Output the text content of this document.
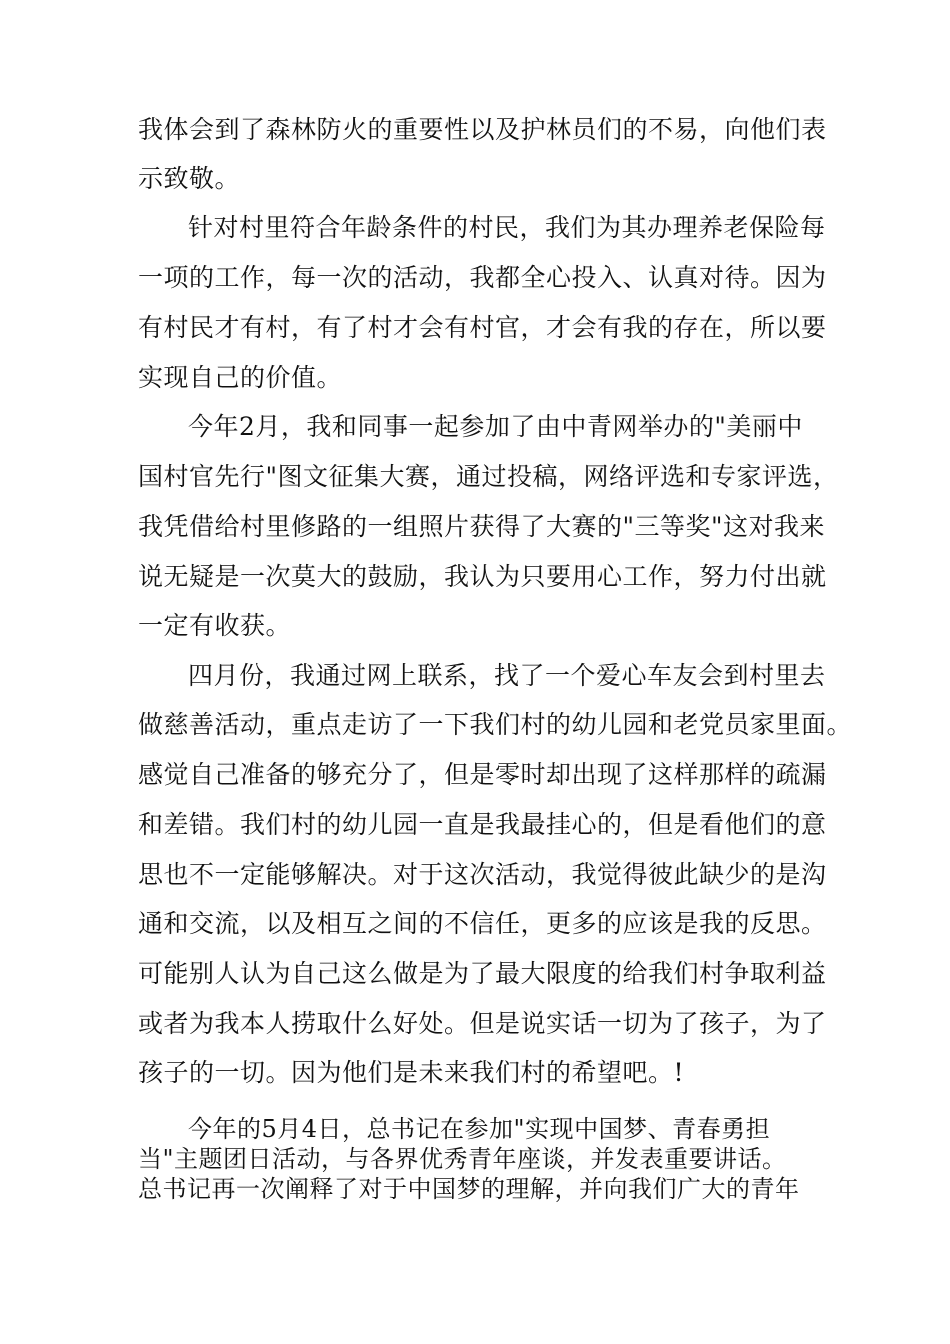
我体会到了森林防火的重要性以及护林员们的不易，向他们表

示致敬。

针对村里符合年龄条件的村民，我们为其办理养老保险每

一项的工作，每一次的活动，我都全心投入、认真对待。因为

有村民才有村，有了村才会有村官，才会有我的存在，所以要

实现自己的价值。

今年2月，我和同事一起参加了由中青网举办的"美丽中

国村官先行"图文征集大赛，通过投稿，网络评选和专家评选，

我凭借给村里修路的一组照片获得了大赛的"三等奖"这对我来

说无疑是一次莫大的鼓励，我认为只要用心工作，努力付出就

一定有收获。

四月份，我通过网上联系，找了一个爱心车友会到村里去

做慈善活动，重点走访了一下我们村的幼儿园和老党员家里面。

感觉自己准备的够充分了，但是零时却出现了这样那样的疏漏

和差错。我们村的幼儿园一直是我最挂心的，但是看他们的意

思也不一定能够解决。对于这次活动，我觉得彼此缺少的是沟

通和交流，以及相互之间的不信任，更多的应该是我的反思。

可能别人认为自己这么做是为了最大限度的给我们村争取利益

或者为我本人捞取什么好处。但是说实话一切为了孩子，为了

孩子的一切。因为他们是未来我们村的希望吧。!

今年的5月4日，总书记在参加"实现中国梦、青春勇担

当"主题团日活动，与各界优秀青年座谈，并发表重要讲话。

总书记再一次阐释了对于中国梦的理解，并向我们广大的青年
